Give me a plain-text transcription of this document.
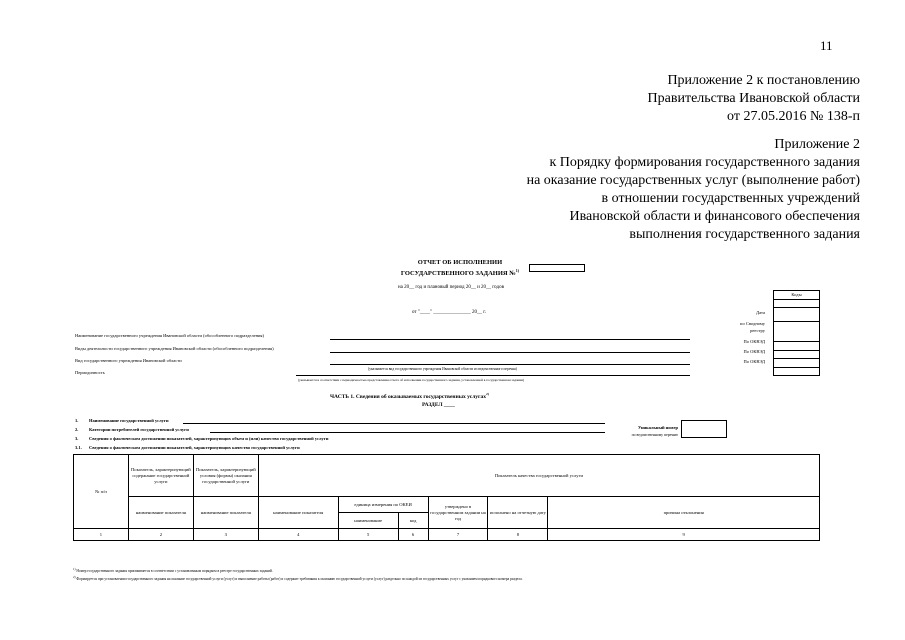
11
Приложение 2 к постановлению
Правительства Ивановской области
от 27.05.2016 № 138-п
Приложение 2
к Порядку формирования государственного задания
на оказание государственных услуг (выполнение работ)
в отношении государственных учреждений
Ивановской области и финансового обеспечения
выполнения государственного задания
ОТЧЕТ ОБ ИСПОЛНЕНИИ
ГОСУДАРСТВЕННОГО ЗАДАНИЯ №$^{1)}$
на 20__ год и плановый период 20__ и 20__ годов
от "____" _______________ 20__ г.
Коды

Дата
по Сводному
реестру
По ОКВЭД
По ОКВЭД
По ОКВЭД
Наименование государственного учреждения Ивановской области (обособленного подразделения)
Виды деятельности государственного учреждения Ивановской области (обособленного подразделения)
Вид государственного учреждения Ивановской области
(указывается вид государственного учреждения Ивановской области из ведомственного перечня)
Периодичность
(указывается в соответствии с периодичностью представления отчета об исполнении государственного задания, установленной в государственном задании)
ЧАСТЬ 1. Сведения об оказываемых государственных услугах$^{2)}$
РАЗДЕЛ ____
1. Наименование государственной услуги
2. Категории потребителей государственной услуги
3. Сведения о фактическом достижении показателей, характеризующих объем и (или) качество государственной услуги
3.1. Сведения о фактическом достижении показателей, характеризующих качество государственной услуги
Уникальный номер
по ведомственному перечню
№ п/п	Показатель, характеризующий содержание государственной услуги	Показатель, характеризующий условия (формы) оказания государственной услуги	Показатель качества государственной услуги					
	наименование показателя	наименование показателя	наименование показателя	единица измерения по ОКЕИ		утверждено в государственном задании на год	исполнено на отчетную дату	причина отклонения
				наименование	код			
1	2	3	4	5	6	7	8	9
$^{1)}$ Номер государственного задания присваивается в соответствии с установленным порядком в реестре государственных заданий.
$^{2)}$ Формируется при установлении государственного задания на оказание государственной услуги (услуг) и выполнение работы (работ) и содержит требования к оказанию государственной услуги (услуг) раздельно по каждой из государственных услуг с указанием порядкового номера раздела.
